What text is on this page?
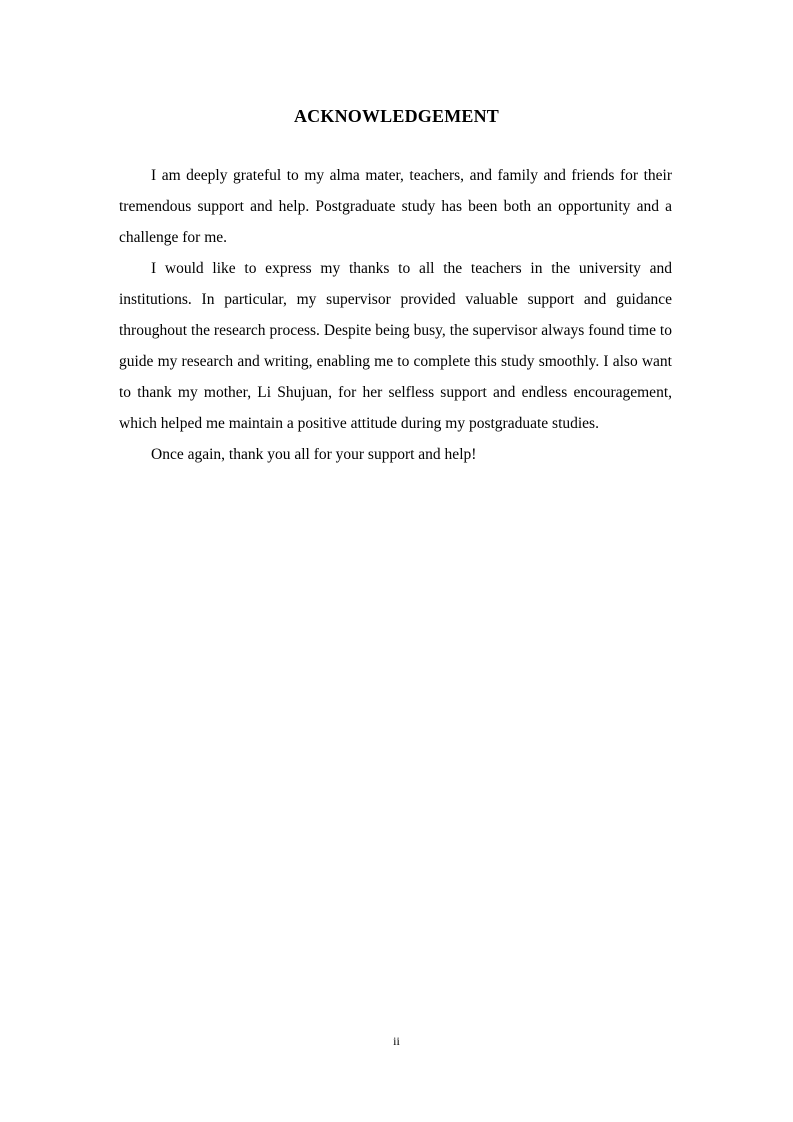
ACKNOWLEDGEMENT

I am deeply grateful to my alma mater, teachers, and family and friends for their tremendous support and help. Postgraduate study has been both an opportunity and a challenge for me.

I would like to express my thanks to all the teachers in the university and institutions. In particular, my supervisor provided valuable support and guidance throughout the research process. Despite being busy, the supervisor always found time to guide my research and writing, enabling me to complete this study smoothly. I also want to thank my mother, Li Shujuan, for her selfless support and endless encouragement, which helped me maintain a positive attitude during my postgraduate studies.

Once again, thank you all for your support and help!

ii
